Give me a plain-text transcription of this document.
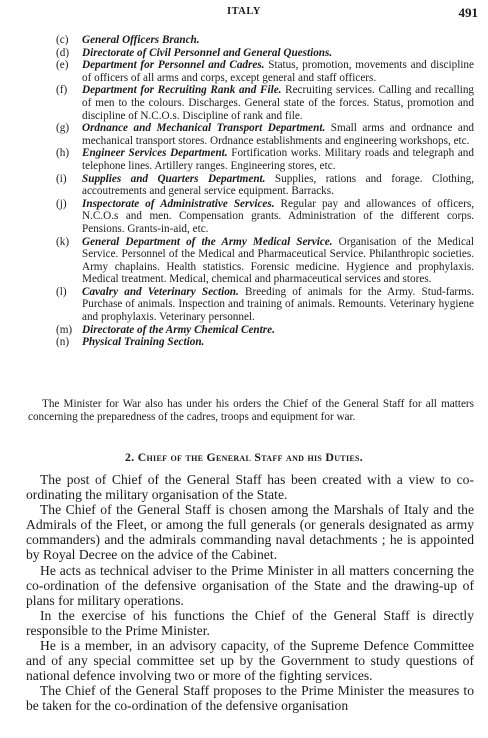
ITALY	491
(c) General Officers Branch.
(d) Directorate of Civil Personnel and General Questions.
(e) Department for Personnel and Cadres. Status, promotion, movements and discipline of officers of all arms and corps, except general and staff officers.
(f) Department for Recruiting Rank and File. Recruiting services. Calling and recalling of men to the colours. Discharges. General state of the forces. Status, promotion and discipline of N.C.O.s. Discipline of rank and file.
(g) Ordnance and Mechanical Transport Department. Small arms and ordnance and mechanical transport stores. Ordnance establishments and engineering workshops, etc.
(h) Engineer Services Department. Fortification works. Military roads and telegraph and telephone lines. Artillery ranges. Engineering stores, etc.
(i) Supplies and Quarters Department. Supplies, rations and forage. Clothing, accoutrements and general service equipment. Barracks.
(j) Inspectorate of Administrative Services. Regular pay and allowances of officers, N.C.O.s and men. Compensation grants. Administration of the different corps. Pensions. Grants-in-aid, etc.
(k) General Department of the Army Medical Service. Organisation of the Medical Service. Personnel of the Medical and Pharmaceutical Service. Philanthropic societies. Army chaplains. Health statistics. Forensic medicine. Hygience and prophylaxis. Medical treatment. Medical, chemical and pharmaceutical services and stores.
(l) Cavalry and Veterinary Section. Breeding of animals for the Army. Stud-farms. Purchase of animals. Inspection and training of animals. Remounts. Veterinary hygiene and prophylaxis. Veterinary personnel.
(m) Directorate of the Army Chemical Centre.
(n) Physical Training Section.

The Minister for War also has under his orders the Chief of the General Staff for all matters concerning the preparedness of the cadres, troops and equipment for war.

2. Chief of the General Staff and his Duties.

The post of Chief of the General Staff has been created with a view to co-ordinating the military organisation of the State.

The Chief of the General Staff is chosen among the Marshals of Italy and the Admirals of the Fleet, or among the full generals (or generals designated as army commanders) and the admirals commanding naval detachments ; he is appointed by Royal Decree on the advice of the Cabinet.

He acts as technical adviser to the Prime Minister in all matters concerning the co-ordination of the defensive organisation of the State and the drawing-up of plans for military operations.

In the exercise of his functions the Chief of the General Staff is directly responsible to the Prime Minister.

He is a member, in an advisory capacity, of the Supreme Defence Committee and of any special committee set up by the Government to study questions of national defence involving two or more of the fighting services.

The Chief of the General Staff proposes to the Prime Minister the measures to be taken for the co-ordination of the defensive organisation
